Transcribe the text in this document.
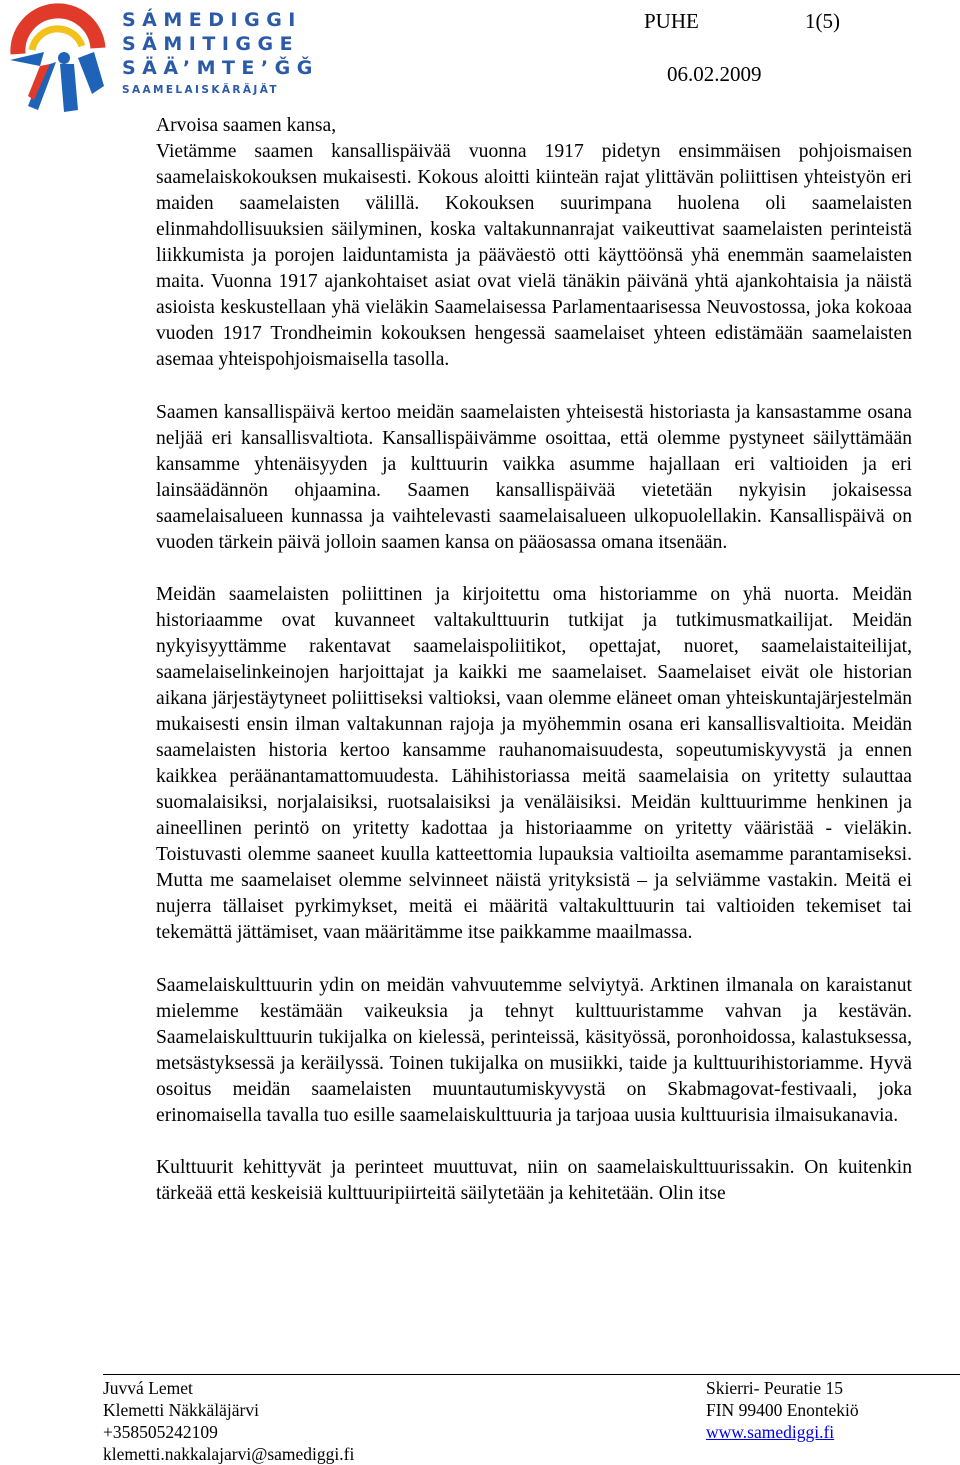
SÁMEDIGGI
SÄMITIGGE
SÄÄ’MTE’ǦǦ
SAAMELAISKÄRÄJÄT
PUHE	1(5)
06.02.2009

Arvoisa saamen kansa,

Vietämme saamen kansallispäivää vuonna 1917 pidetyn ensimmäisen pohjoismaisen saamelaiskokouksen mukaisesti. Kokous aloitti kiinteän rajat ylittävän poliittisen yhteistyön eri maiden saamelaisten välillä. Kokouksen suurimpana huolena oli saamelaisten elinmahdollisuuksien säilyminen, koska valtakunnanrajat vaikeuttivat saamelaisten perinteistä liikkumista ja porojen laiduntamista ja pääväestö otti käyttöönsä yhä enemmän saamelaisten maita. Vuonna 1917 ajankohtaiset asiat ovat vielä tänäkin päivänä yhtä ajankohtaisia ja näistä asioista keskustellaan yhä vieläkin Saamelaisessa Parlamentaarisessa Neuvostossa, joka kokoaa vuoden 1917 Trondheimin kokouksen hengessä saamelaiset yhteen edistämään saamelaisten asemaa yhteispohjoismaisella tasolla.

Saamen kansallispäivä kertoo meidän saamelaisten yhteisestä historiasta ja kansastamme osana neljää eri kansallisvaltiota. Kansallispäivämme osoittaa, että olemme pystyneet säilyttämään kansamme yhtenäisyyden ja kulttuurin vaikka asumme hajallaan eri valtioiden ja eri lainsäädännön ohjaamina. Saamen kansallispäivää vietetään nykyisin jokaisessa saamelaisalueen kunnassa ja vaihtelevasti saamelaisalueen ulkopuolellakin. Kansallispäivä on vuoden tärkein päivä jolloin saamen kansa on pääosassa omana itsenään.

Meidän saamelaisten poliittinen ja kirjoitettu oma historiamme on yhä nuorta. Meidän historiaamme ovat kuvanneet valtakulttuurin tutkijat ja tutkimusmatkailijat. Meidän nykyisyyttämme rakentavat saamelaispoliitikot, opettajat, nuoret, saamelaistaiteilijat, saamelaiselinkeinojen harjoittajat ja kaikki me saamelaiset. Saamelaiset eivät ole historian aikana järjestäytyneet poliittiseksi valtioksi, vaan olemme eläneet oman yhteiskuntajärjestelmän mukaisesti ensin ilman valtakunnan rajoja ja myöhemmin osana eri kansallisvaltioita. Meidän saamelaisten historia kertoo kansamme rauhanomaisuudesta, sopeutumiskyvystä ja ennen kaikkea peräänantamattomuudesta. Lähihistoriassa meitä saamelaisia on yritetty sulauttaa suomalaisiksi, norjalaisiksi, ruotsalaisiksi ja venäläisiksi. Meidän kulttuurimme henkinen ja aineellinen perintö on yritetty kadottaa ja historiaamme on yritetty vääristää - vieläkin. Toistuvasti olemme saaneet kuulla katteettomia lupauksia valtioilta asemamme parantamiseksi. Mutta me saamelaiset olemme selvinneet näistä yrityksistä – ja selviämme vastakin. Meitä ei nujerra tällaiset pyrkimykset, meitä ei määritä valtakulttuurin tai valtioiden tekemiset tai tekemättä jättämiset, vaan määritämme itse paikkamme maailmassa.

Saamelaiskulttuurin ydin on meidän vahvuutemme selviytyä. Arktinen ilmanala on karaistanut mielemme kestämään vaikeuksia ja tehnyt kulttuuristamme vahvan ja kestävän. Saamelaiskulttuurin tukijalka on kielessä, perinteissä, käsityössä, poronhoidossa, kalastuksessa, metsästyksessä ja keräilyssä. Toinen tukijalka on musiikki, taide ja kulttuurihistoriamme. Hyvä osoitus meidän saamelaisten muuntautumiskyvystä on Skabmagovat-festivaali, joka erinomaisella tavalla tuo esille saamelaiskulttuuria ja tarjoaa uusia kulttuurisia ilmaisukanavia.

Kulttuurit kehittyvät ja perinteet muuttuvat, niin on saamelaiskulttuurissakin. On kuitenkin tärkeää että keskeisiä kulttuuripiirteitä säilytetään ja kehitetään. Olin itse

Juvvá Lemet
Klemetti Näkkäläjärvi
+358505242109
klemetti.nakkalajarvi@samediggi.fi
Skierri- Peuratie 15
FIN 99400 Enontekiö
www.samediggi.fi
